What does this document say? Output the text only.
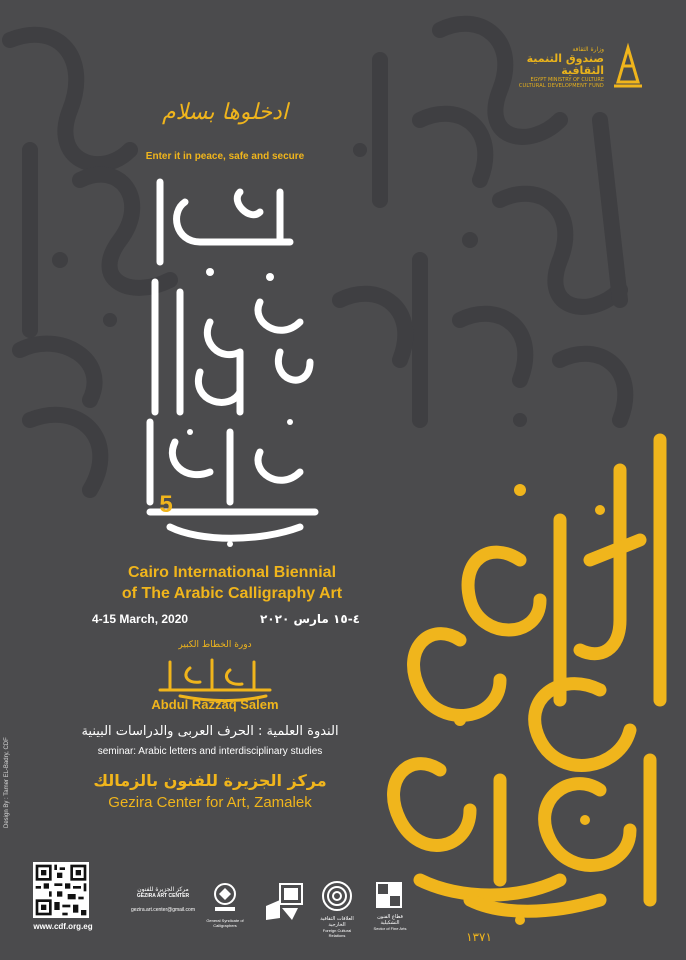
وزارة الثقافة
صندوق التنمية الثقافية
EGYPT MINISTRY OF CULTURE
CULTURAL DEVELOPMENT FUND
ادخلوها بسلام
Enter it in peace, safe and secure
5
Cairo International Biennial
of The Arabic Calligraphy Art
4-15 March, 2020	٤-١٥ مارس ٢٠٢٠
دورة الخطاط الكبير
Abdul Razzaq Salem
الندوة العلمية : الحرف العربى والدراسات البينية
seminar: Arabic letters and interdisciplinary studies
مركز الجزيرة للفنون بالزمالك
Gezira Center for Art, Zamalek
Design By : Tamer EL-Badry, CDF
www.cdf.org.eg
مركز الجزيرة للفنون
GEZIRA ART CENTER
gezira.art.center@gmail.com
General Syndicate of Calligraphers
العلاقات الثقافية الخارجية
Foreign Cultural Relations
قطاع الفنون التشكيلية
Sector of Fine Arts
١٣٧١
